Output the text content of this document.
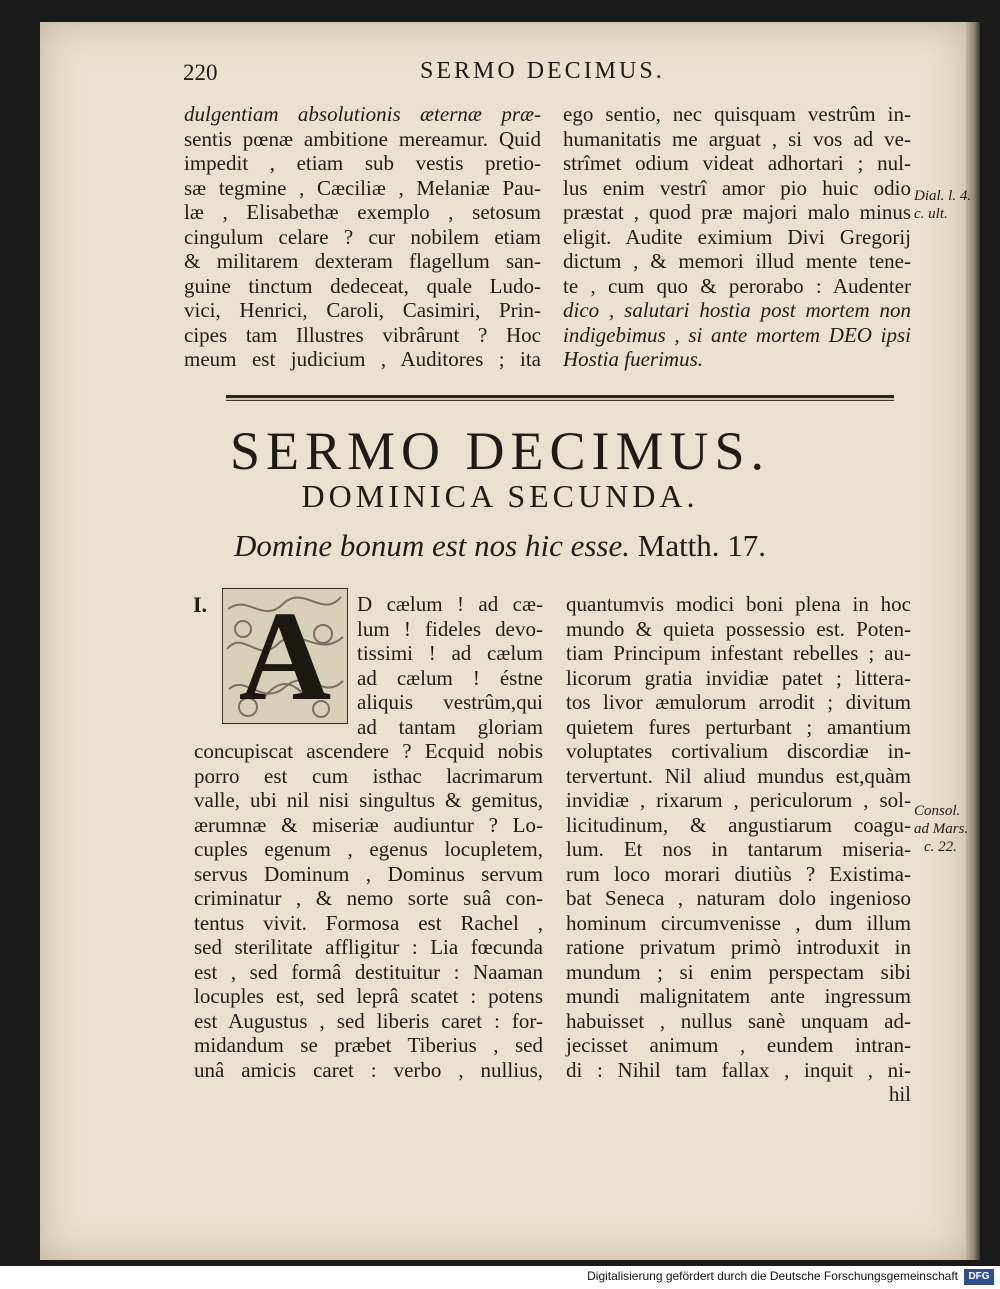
220	SERMO DECIMUS.
dulgentiam absolutionis æternæ præ-
sentis pœnæ ambitione mereamur. Quid
impedit , etiam sub vestis pretio-
sæ tegmine , Cæciliæ , Melaniæ Pau-
læ , Elisabethæ exemplo , setosum
cingulum celare ? cur nobilem etiam
& militarem dexteram flagellum san-
guine tinctum dedeceat, quale Ludo-
vici, Henrici, Caroli, Casimiri, Prin-
cipes tam Illustres vibrârunt ? Hoc
meum est judicium , Auditores ; ita
ego sentio, nec quisquam vestrûm in-
humanitatis me arguat , si vos ad ve-
strîmet odium videat adhortari ; nul-
lus enim vestrî amor pio huic odio
præstat , quod præ majori malo minus
eligit. Audite eximium Divi Gregorij
dictum , & memori illud mente tene-
te , cum quo & perorabo : Audenter
dico , salutari hostia post mortem non
indigebimus , si ante mortem DEO ipsi
Hostia fuerimus.
Dial. l. 4.
c. ult.
SERMO DECIMUS.
DOMINICA SECUNDA.
Domine bonum est nos hic esse. Matth. 17.
I. A	D cælum ! ad cæ-
lum ! fideles devo-
tissimi ! ad cælum
ad cælum ! éstne
aliquis vestrûm,qui
ad tantam gloriam
concupiscat ascendere ? Ecquid nobis
porro est cum isthac lacrimarum
valle, ubi nil nisi singultus & gemitus,
ærumnæ & miseriæ audiuntur ? Lo-
cuples egenum , egenus locupletem,
servus Dominum , Dominus servum
criminatur , & nemo sorte suâ con-
tentus vivit. Formosa est Rachel ,
sed sterilitate affligitur : Lia fœcunda
est , sed formâ destituitur : Naaman
locuples est, sed leprâ scatet : potens
est Augustus , sed liberis caret : for-
midandum se præbet Tiberius , sed
unâ amicis caret : verbo , nullius,
quantumvis modici boni plena in hoc
mundo & quieta possessio est. Poten-
tiam Principum infestant rebelles ; au-
licorum gratia invidiæ patet ; littera-
tos livor æmulorum arrodit ; divitum
quietem fures perturbant ; amantium
voluptates cortivalium discordiæ in-
tervertunt. Nil aliud mundus est,quàm
invidiæ , rixarum , periculorum , sol-
licitudinum, & angustiarum coagu-
lum. Et nos in tantarum miseria-
rum loco morari diutiùs ? Existima-
bat Seneca , naturam dolo ingenioso
hominum circumvenisse , dum illum
ratione privatum primò introduxit in
mundum ; si enim perspectam sibi
mundi malignitatem ante ingressum
habuisset , nullus sanè unquam ad-
jecisset animum , eundem intran-
di : Nihil tam fallax , inquit , ni-
hil
Consol.
ad Mars.
c. 22.
Digitalisierung gefördert durch die Deutsche Forschungsgemeinschaft	DFG
